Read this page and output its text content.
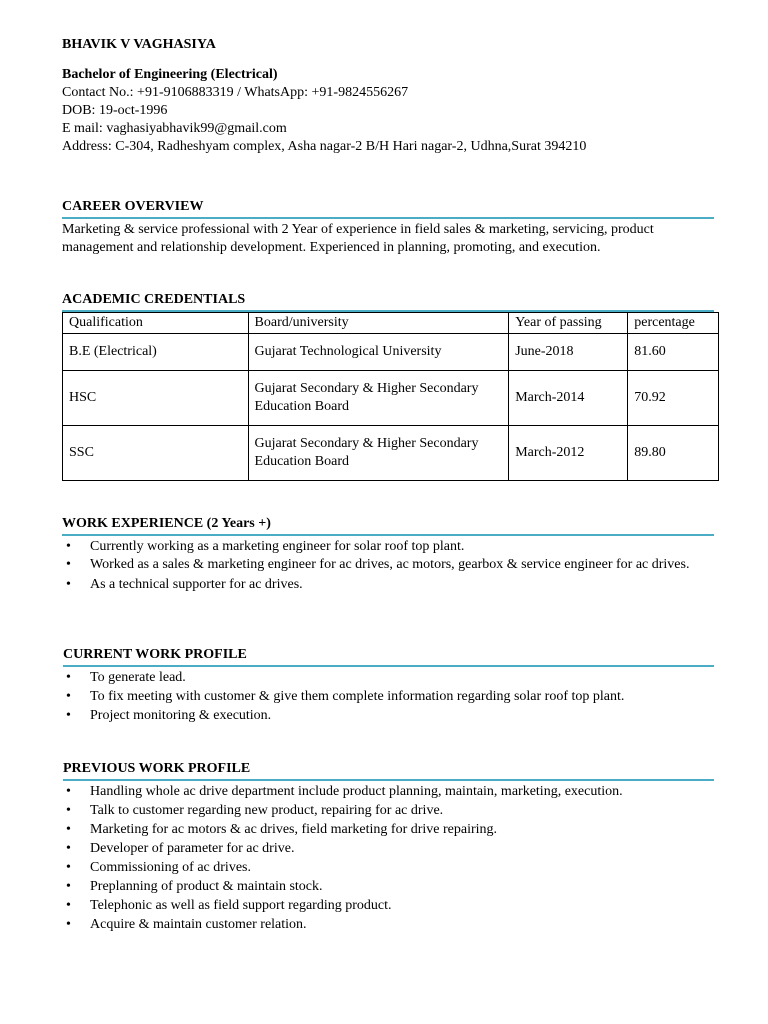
BHAVIK V VAGHASIYA
Bachelor of Engineering (Electrical)
Contact No.: +91-9106883319 / WhatsApp: +91-9824556267
DOB: 19-oct-1996
E mail: vaghasiyabhavik99@gmail.com
Address: C-304, Radheshyam complex, Asha nagar-2 B/H Hari nagar-2, Udhna,Surat 394210
CAREER OVERVIEW
Marketing & service professional with 2 Year of experience in field sales & marketing, servicing, product management and relationship development. Experienced in planning, promoting, and execution.
ACADEMIC CREDENTIALS
Qualification	Board/university	Year of passing	percentage
B.E (Electrical)	Gujarat Technological University	June-2018	81.60
HSC	Gujarat Secondary & Higher Secondary Education Board	March-2014	70.92
SSC	Gujarat Secondary & Higher Secondary Education Board	March-2012	89.80
WORK EXPERIENCE (2 Years +)
• Currently working as a marketing engineer for solar roof top plant.
• Worked as a sales & marketing engineer for ac drives, ac motors, gearbox & service engineer for ac drives.
• As a technical supporter for ac drives.
CURRENT WORK PROFILE
• To generate lead.
• To fix meeting with customer & give them complete information regarding solar roof top plant.
• Project monitoring & execution.
PREVIOUS WORK PROFILE
• Handling whole ac drive department include product planning, maintain, marketing, execution.
• Talk to customer regarding new product, repairing for ac drive.
• Marketing for ac motors & ac drives, field marketing for drive repairing.
• Developer of parameter for ac drive.
• Commissioning of ac drives.
• Preplanning of product & maintain stock.
• Telephonic as well as field support regarding product.
• Acquire & maintain customer relation.
